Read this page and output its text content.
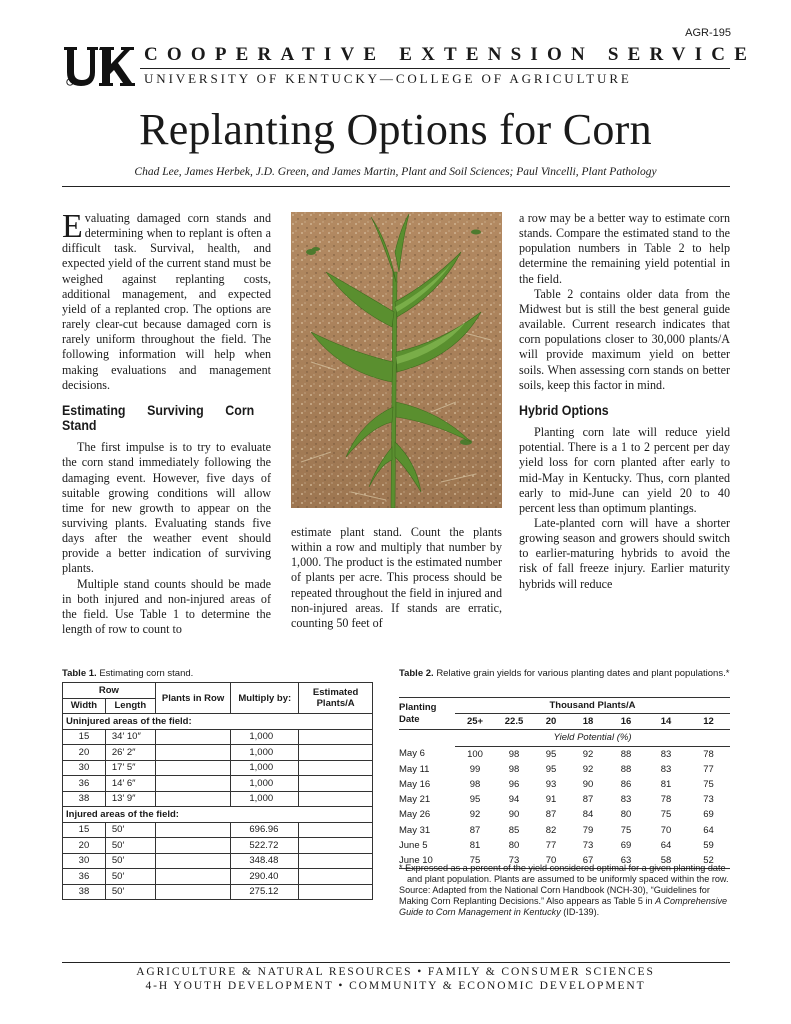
AGR-195
COOPERATIVE EXTENSION SERVICE
UNIVERSITY OF KENTUCKY—COLLEGE OF AGRICULTURE
Replanting Options for Corn
Chad Lee, James Herbek, J.D. Green, and James Martin, Plant and Soil Sciences; Paul Vincelli, Plant Pathology

Evaluating damaged corn stands and determining when to replant is often a difficult task. Survival, health, and expected yield of the current stand must be weighed against replanting costs, additional management, and expected yield of a replanted crop. The options are rarely clear-cut because damaged corn is rarely uniform throughout the field. The following information will help when making evaluations and management decisions.

Estimating Surviving Corn Stand

The first impulse is to try to evaluate the corn stand immediately following the damaging event. However, five days of suitable growing conditions will allow time for new growth to appear on the surviving plants. Evaluating stands five days after the weather event should provide a better indication of surviving plants.

Multiple stand counts should be made in both injured and non-injured areas of the field. Use Table 1 to determine the length of row to count to

estimate plant stand. Count the plants within a row and multiply that number by 1,000. The product is the estimated number of plants per acre. This process should be repeated throughout the field in injured and non-injured areas. If stands are erratic, counting 50 feet of

a row may be a better way to estimate corn stands. Compare the estimated stand to the population numbers in Table 2 to help determine the remaining yield potential in the field.

Table 2 contains older data from the Midwest but is still the best general guide available. Current research indicates that corn populations closer to 30,000 plants/A will provide maximum yield on better soils. When assessing corn stands on better soils, keep this factor in mind.

Hybrid Options

Planting corn late will reduce yield potential. There is a 1 to 2 percent per day yield loss for corn planted after early to mid-May in Kentucky. Thus, corn planted early to mid-June can yield 20 to 40 percent less than optimum plantings.

Late-planted corn will have a shorter growing season and growers should switch to earlier-maturing hybrids to avoid the risk of fall freeze injury. Earlier maturity hybrids will reduce

Table 1. Estimating corn stand.
Row		Plants in Row	Multiply by:	Estimated Plants/A
Width	Length			
Uninjured areas of the field:				
15	34′ 10″		1,000	
20	26′ 2″		1,000	
30	17′ 5″		1,000	
36	14′ 6″		1,000	
38	13′ 9″		1,000	
Injured areas of the field:				
15	50′		696.96	
20	50′		522.72	
30	50′		348.48	
36	50′		290.40	
38	50′		275.12	
Table 2. Relative grain yields for various planting dates and plant populations.*
Planting Date	Thousand Plants/A						
	25+	22.5	20	18	16	14	12
	Yield Potential (%)						
May 6	100	98	95	92	88	83	78
May 11	99	98	95	92	88	83	77
May 16	98	96	93	90	86	81	75
May 21	95	94	91	87	83	78	73
May 26	92	90	87	84	80	75	69
May 31	87	85	82	79	75	70	64
June 5	81	80	77	73	69	64	59
June 10	75	73	70	67	63	58	52

* Expressed as a percent of the yield considered optimal for a given planting date and plant population. Plants are assumed to be uniformly spaced within the row.
Source: Adapted from the National Corn Handbook (NCH-30), “Guidelines for Making Corn Replanting Decisions.” Also appears as Table 5 in A Comprehensive Guide to Corn Management in Kentucky (ID-139).
AGRICULTURE & NATURAL RESOURCES • FAMILY & CONSUMER SCIENCES
4-H YOUTH DEVELOPMENT • COMMUNITY & ECONOMIC DEVELOPMENT
